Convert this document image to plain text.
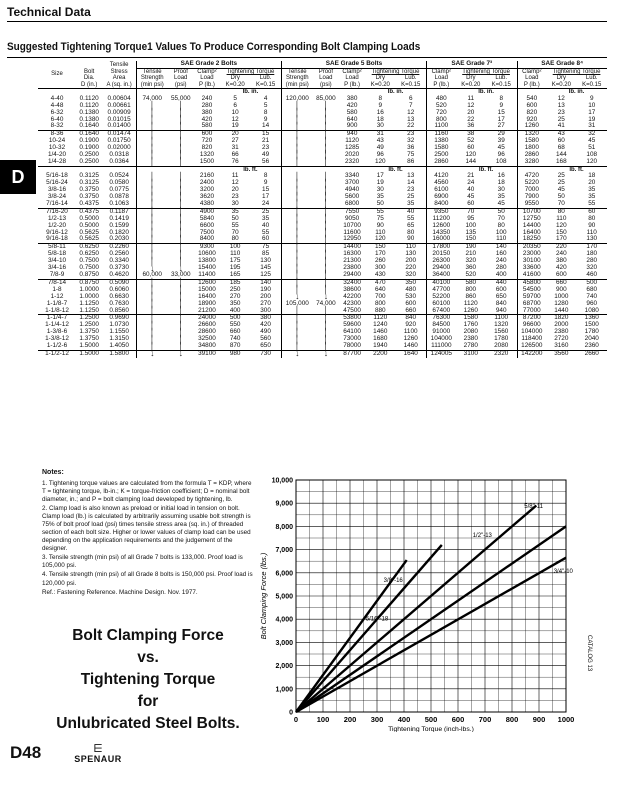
Technical Data
Suggested Tightening Torque1 Values To Produce Corresponding Bolt Clamping Loads
D
Size	Bolt
Dia.	Tensile
Stress
Area	SAE Grade 2 Bolts					SAE Grade 5 Bolts					SAE Grade 7³			SAE Grade 8⁴		
			Tensile
Strength	Proof
Load	Clamp²
Load	Tightening Torque		Tensile
Strength	Proof
Load	Clamp²
Load	Tightening Torque		Clamp²
Load	Tightening Torque		Clamp²
Load	Tightening Torque	
						Dry	Lub.				Dry	Lub.		Dry	Lub.		Dry	Lub.
	D (in.)	A (sq. in.)	(min psi)	(psi)	P (lb.)	K=0.20	K=0.15	(min psi)	(psi)	P (lb.)	K=0.20	K=0.15	P (lb.)	K=0.20	K=0.15	P (lb.)	K=0.20	K=0.15
						lb. in.					lb. in.			lb. in.			lb. in.	
4-40	0.1120	0.00604	74,000	55,000	240	5	4	120,000	85,000	380	8	6	480	11	8	540	12	9
4-48	0.1120	0.00661	│	│	280	6	5	│	│	420	9	7	520	12	9	600	13	10
6-32	0.1380	0.00909	│	│	380	10	8	│	│	580	16	12	720	20	15	820	23	17
6-40	0.1380	0.01015	│	│	420	12	9	│	│	640	18	13	800	22	17	920	25	19
8-32	0.1640	0.01400	│	│	580	19	14	│	│	900	30	22	1100	36	27	1260	41	31
8-36	0.1640	0.01474	│	│	600	20	15	│	│	940	31	23	1160	38	29	1320	43	32
10-24	0.1900	0.01750	│	│	720	27	21	│	│	1120	43	32	1380	52	39	1580	60	45
10-32	0.1900	0.02000	│	│	820	31	23	│	│	1285	49	36	1580	60	45	1800	68	51
1/4-20	0.2500	0.0318	│	│	1320	66	49	│	│	2020	96	75	2500	120	96	2860	144	108
1/4-28	0.2500	0.0364	│	│	1500	76	56	│	│	2320	120	86	2860	144	108	3280	168	120
						lb. ft.					lb. ft.			lb. ft.			lb. ft.	
5/16-18	0.3125	0.0524	│	│	2160	11	8	│	│	3340	17	13	4120	21	16	4720	25	18
5/16-24	0.3125	0.0580	│	│	2400	12	9	│	│	3700	19	14	4560	24	18	5220	25	20
3/8-16	0.3750	0.0775	│	│	3200	20	15	│	│	4940	30	23	6100	40	30	7000	45	35
3/8-24	0.3750	0.0878	│	│	3620	23	17	│	│	5600	35	25	6900	45	35	7900	50	35
7/16-14	0.4375	0.1063	│	│	4380	30	24	│	│	6800	50	35	8400	60	45	9550	70	55
7/16-20	0.4375	0.1187	│	│	4900	35	25	│	│	7550	55	40	9350	70	50	10700	80	60
1/2-13	0.5000	0.1419	│	│	5840	50	35	│	│	9050	75	55	11200	95	70	12750	110	80
1/2-20	0.5000	0.1599	│	│	6600	55	40	│	│	10700	90	65	12600	100	80	14400	120	90
9/16-12	0.5625	0.1820	│	│	7500	70	55	│	│	11600	110	80	14350	135	100	16400	150	110
9/16-18	0.5625	0.2030	│	│	8400	80	60	│	│	12950	120	90	16000	150	110	18250	170	130
5/8-11	0.6250	0.2260	│	│	9300	100	75	│	│	14400	150	110	17800	190	140	20350	220	170
5/8-18	0.6250	0.2560	│	│	10600	110	85	│	│	16300	170	130	20150	210	160	23000	240	180
3/4-10	0.7500	0.3340	│	│	13800	175	130	│	│	21300	260	200	26300	320	240	30100	380	280
3/4-16	0.7500	0.3730	↓	↓	15400	195	145	│	│	23800	300	220	29400	360	280	33600	420	320
7/8-9	0.8750	0.4620	60,000	33,000	11400	165	125	│	│	29400	430	320	36400	520	400	41600	600	460
7/8-14	0.8750	0.5090	│	│	12600	185	140	│	│	32400	470	350	40100	580	440	45800	660	500
1-8	1.0000	0.6060	│	│	15000	250	190	│	│	38600	640	480	47700	800	600	54500	900	680
1-12	1.0000	0.6630	│	│	16400	270	200	↓	↓	42200	700	530	52200	860	650	59700	1000	740
1-1/8-7	1.1250	0.7630	│	│	18900	350	270	105,000	74,000	42300	800	600	60100	1120	840	68700	1280	960
1-1/8-12	1.1250	0.8560	│	│	21200	400	300	│	│	47500	880	660	67400	1260	940	77000	1440	1080
1-1/4-7	1.2500	0.9690	│	│	24000	500	380	│	│	53800	1120	840	76300	1580	1100	87200	1820	1360
1-1/4-12	1.2500	1.0730	│	│	26600	550	420	│	│	59600	1240	920	84500	1760	1320	96600	2000	1500
1-3/8-6	1.3750	1.1550	│	│	28600	660	490	│	│	64100	1460	1100	91000	2080	1560	104000	2380	1780
1-3/8-12	1.3750	1.3150	│	│	32500	740	560	│	│	73000	1680	1260	104000	2380	1780	118400	2720	2040
1-1/2-6	1.5000	1.4050	│	│	34800	870	650	│	│	78000	1940	1460	111000	2780	2080	126500	3160	2360
1-1/2-12	1.5000	1.5800	↓	↓	39100	980	730	↓	↓	87700	2200	1640	124005	3100	2320	142200	3560	2660

Notes:

1. Tightening torque values are calculated from the formula T = KDP, where T = tightening torque, lb-in.; K = torque-friction coefficient; D = nominal bolt diameter, in.; and P = bolt clamping load developed by tightening, lb.

2. Clamp load is also known as preload or initial load in tension on bolt. Clamp load (lb.) is calculated by arbitrarily assuming usable bolt strength is 75% of bolt proof load (psi) times tensile stress area (sq. in.) of threaded section of each bolt size. Higher or lower values of clamp load can be used depending on the application requirements and the judgement of the designer.

3. Tensile strength (min psi) of all Grade 7 bolts is 133,000. Proof load is 105,000 psi.

4. Tensile strength (min psi) of all Grade 8 bolts is 150,000 psi. Proof load is 120,000 psi.

Ref.: Fastening Reference. Machine Design. Nov. 1977.

Bolt Clamping Force
vs.
Tightening Torque
for
Unlubricated Steel Bolts.	0 100 200 300 400 500 600 700 800 900 1000
0
1,000
2,000
3,000
4,000
5,000
6,000
7,000
8,000
9,000
10,000
Tightening Torque (inch-lbs.)
Bolt Clamping Force (lbs.)	5/16"-18
3/8"-16
1/2"-13
5/8"-11
3/4"-10
CATALOG 13
D48	⋿
SPENAUR
